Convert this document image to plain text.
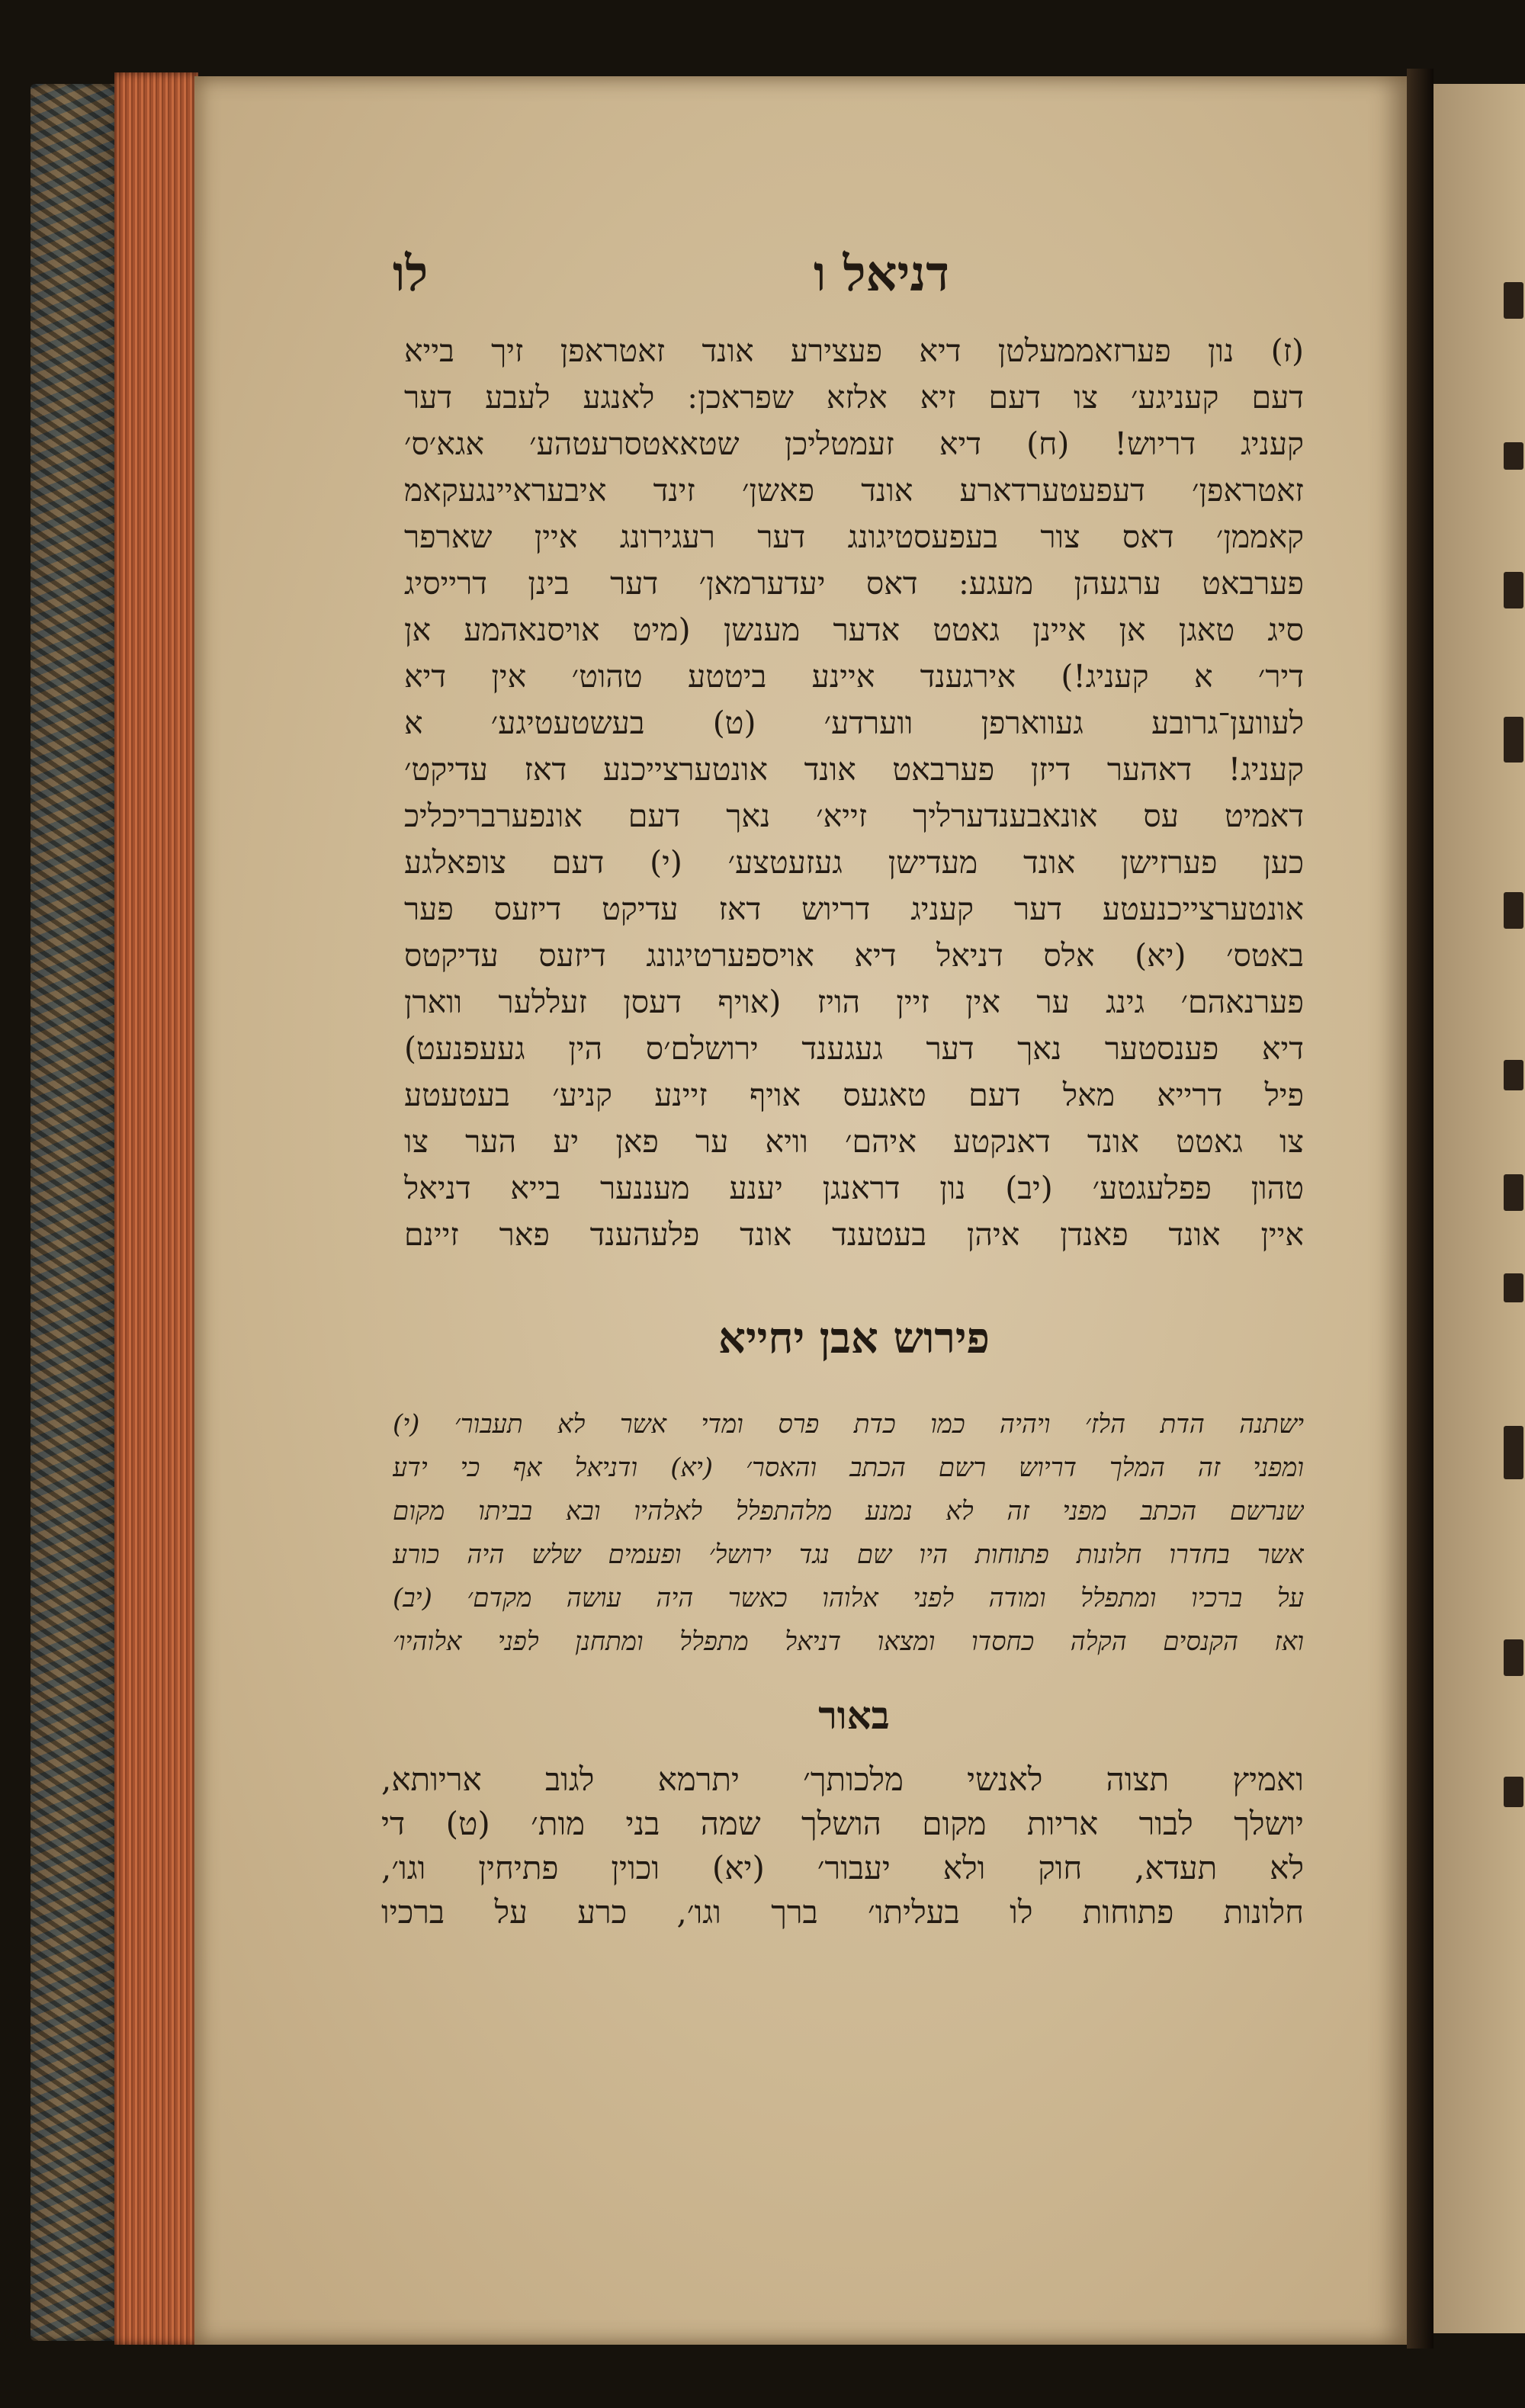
דניאל ו
לו
(ז) נון פערזאממעלטן דיא פעצירע אונד זאטראפן זיך בייא
דעם קעניגע׳ צו דעם זיא אלזא שפראכן: לאנגע לעבע דער
קעניג דריוש! (ח) דיא זעמטליכן שטאאטסרעטהע׳ אגא׳ס׳
זאטראפן׳ דעפעטערדארע אונד פאשן׳ זינד איבעראיינגעקאמ
קאממן׳ דאס צור בעפעסטיגונג דער רעגירונג איין שארפר
פערבאט ערגעהן מעגע: דאס יעדערמאן׳ דער בינן דרייסיג
סיג טאגן אן איינן גאטט אדער מענשן (מיט אויסנאהמע אן
דיר׳ א קעניג!) אירגענד איינע ביטטע טהוט׳ אין דיא
לעווען־גרובע געווארפן ווערדע׳ (ט) בעשטעטיגע׳ א
קעניג! דאהער דיזן פערבאט אונד אונטערצייכנע דאז עדיקט׳
דאמיט עס אונאבענדערליך זייא׳ נאך דעם אונפערבריכליכ
כען פערזישן אונד מעדישן געזעטצע׳ (י) דעם צופאלגע
אונטערצייכנעטע דער קעניג דריוש דאז עדיקט דיזעס פער
באטס׳ (יא) אלס דניאל דיא אויספערטיגונג דיזעס עדיקטס
פערנאהם׳ גינג ער אין זיין הויז (אויף דעסן זעללער ווארן
דיא פענסטער נאך דער געגענד ירושלם׳ס הין געעפנעט)
פיל דרייא מאל דעם טאגעס אויף זיינע קניע׳ בעטעטע
צו גאטט אונד דאנקטע איהם׳ וויא ער פאן יע הער צו
טהון פפלעגטע׳ (יב) נון דראנגן יענע מעננער בייא דניאל
איין אונד פאנדן איהן בעטענד אונד פלעהענד פאר זיינם
פירוש אבן יחייא
ישתנה הדת הלז׳ ויהיה כמו כדת פרס ומדי אשר לא תעבור׳ (י)
ומפני זה המלך דריוש רשם הכתב והאסר׳ (יא) ודניאל אף כי ידע
שנרשם הכתב מפני זה לא נמנע מלהתפלל לאלהיו ובא בביתו מקום
אשר בחדרו חלונות פתוחות היו שם נגד ירושל׳ ופעמים שלש היה כורע
על ברכיו ומתפלל ומודה לפני אלוהו כאשר היה עושה מקדם׳ (יב)
ואז הקנסים הקלה כחסדו ומצאו דניאל מתפלל ומתחנן לפני אלוהיו׳
באור
ואמיץ תצוה לאנשי מלכותך׳ יתרמא לגוב אריותא,
יושלך לבור אריות מקום הושלך שמה בני מות׳ (ט) די
לא תעדא, חוק ולא יעבור׳ (יא) וכוין פתיחין וגו׳,
חלונות פתוחות לו בעליתו׳ ברך וגו׳, כרע על ברכיו
